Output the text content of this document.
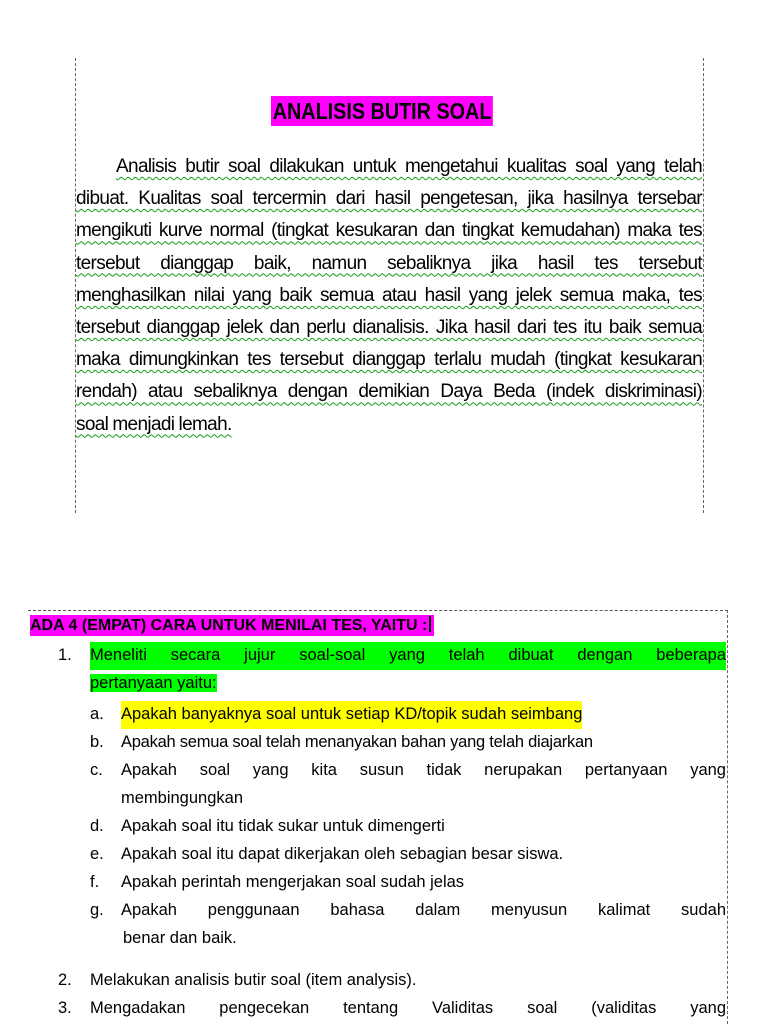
ANALISIS BUTIR SOAL
Analisis butir soal dilakukan untuk mengetahui kualitas soal yang telah
dibuat. Kualitas soal tercermin dari hasil pengetesan, jika hasilnya tersebar
mengikuti kurve normal (tingkat kesukaran dan tingkat kemudahan) maka tes
tersebut dianggap baik, namun sebaliknya jika hasil tes tersebut
menghasilkan nilai yang baik semua atau hasil yang jelek semua maka, tes
tersebut dianggap jelek dan perlu dianalisis. Jika hasil dari tes itu baik semua
maka dimungkinkan tes tersebut dianggap terlalu mudah (tingkat kesukaran
rendah) atau sebaliknya dengan demikian Daya Beda (indek diskriminasi)
soal menjadi lemah.
ADA 4 (EMPAT) CARA UNTUK MENILAI TES, YAITU :
1. Meneliti secara jujur soal-soal yang telah dibuat dengan beberapa
pertanyaan yaitu:
a. Apakah banyaknya soal untuk setiap KD/topik sudah seimbang
b. Apakah semua soal telah menanyakan bahan yang telah diajarkan
c. Apakah soal yang kita susun tidak nerupakan pertanyaan yang
membingungkan
d. Apakah soal itu tidak sukar untuk dimengerti
e. Apakah soal itu dapat dikerjakan oleh sebagian besar siswa.
f. Apakah perintah mengerjakan soal sudah jelas
g. Apakah penggunaan bahasa dalam menyusun kalimat sudah
benar dan baik.
2. Melakukan analisis butir soal (item analysis).
3. Mengadakan pengecekan tentang Validitas soal (validitas yang
